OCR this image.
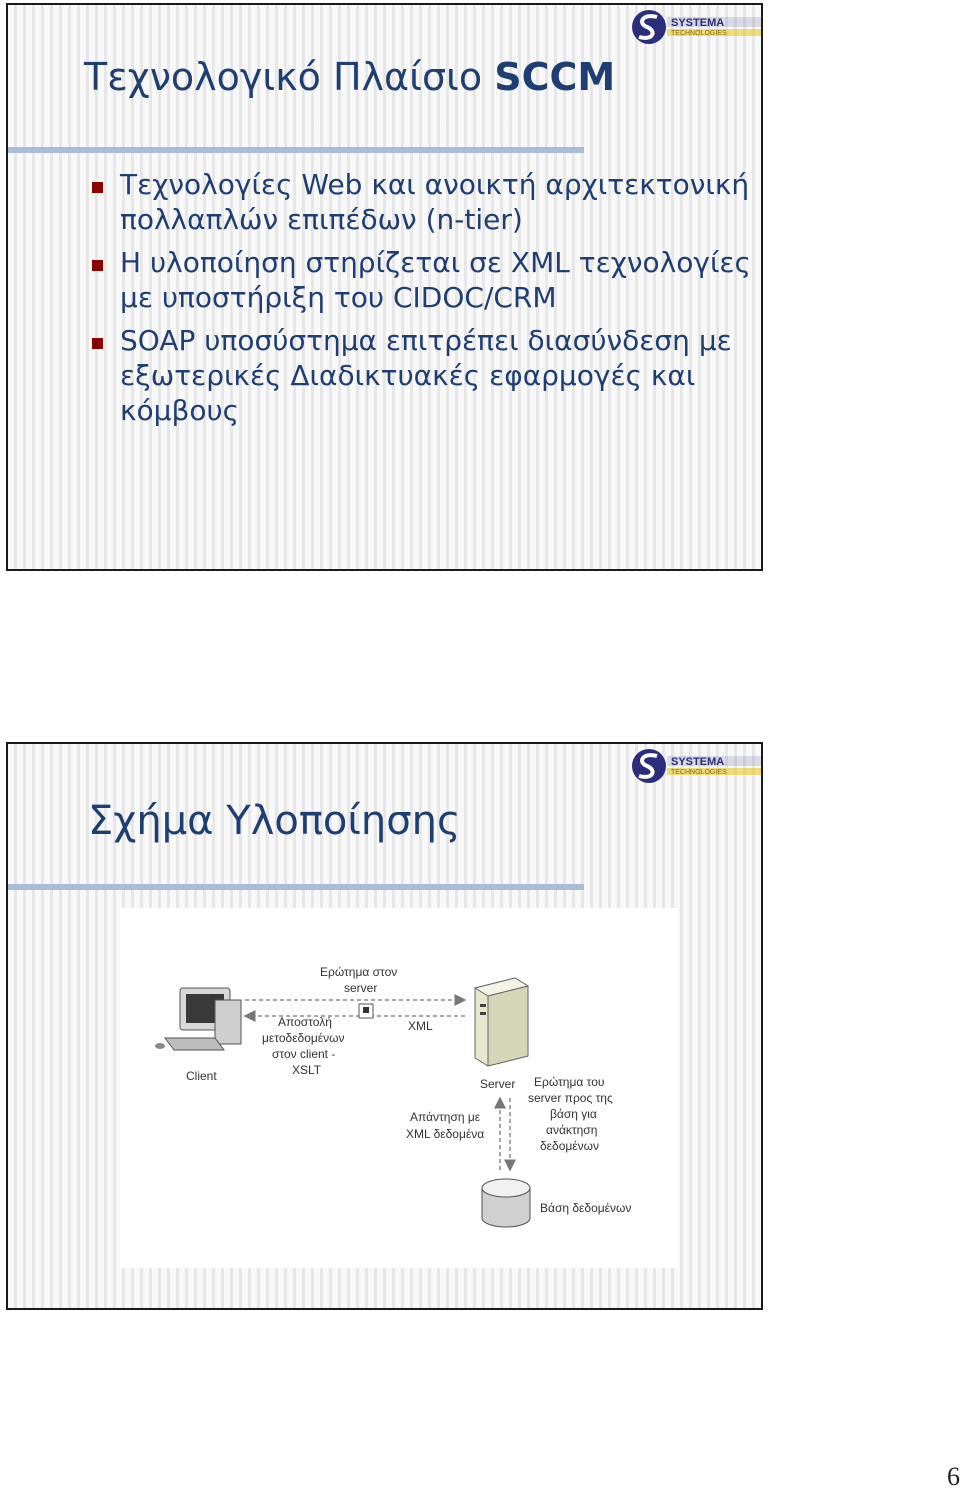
SYSTEMA
TECHNOLOGIES
Τεχνολογικό Πλαίσιο SCCM
Τεχνολογίες Web και ανοικτή αρχιτεκτονική πολλαπλών επιπέδων (n-tier)
Η υλοποίηση στηρίζεται σε XML τεχνολογίες με υποστήριξη του CIDOC/CRM
SOAP υποσύστημα επιτρέπει διασύνδεση με εξωτερικές Διαδικτυακές εφαρμογές και κόμβους
SYSTEMA
TECHNOLOGIES
Σχήμα Υλοποίησης
Client
Server
Βάση δεδομένων
Ερώτημα στον
server
Αποστολή
μετοδεδομένων
στον client -
XSLT
XML
Απάντηση με
XML δεδομένα
Ερώτημα του
server προς της
βάση για
ανάκτηση
δεδομένων
6
